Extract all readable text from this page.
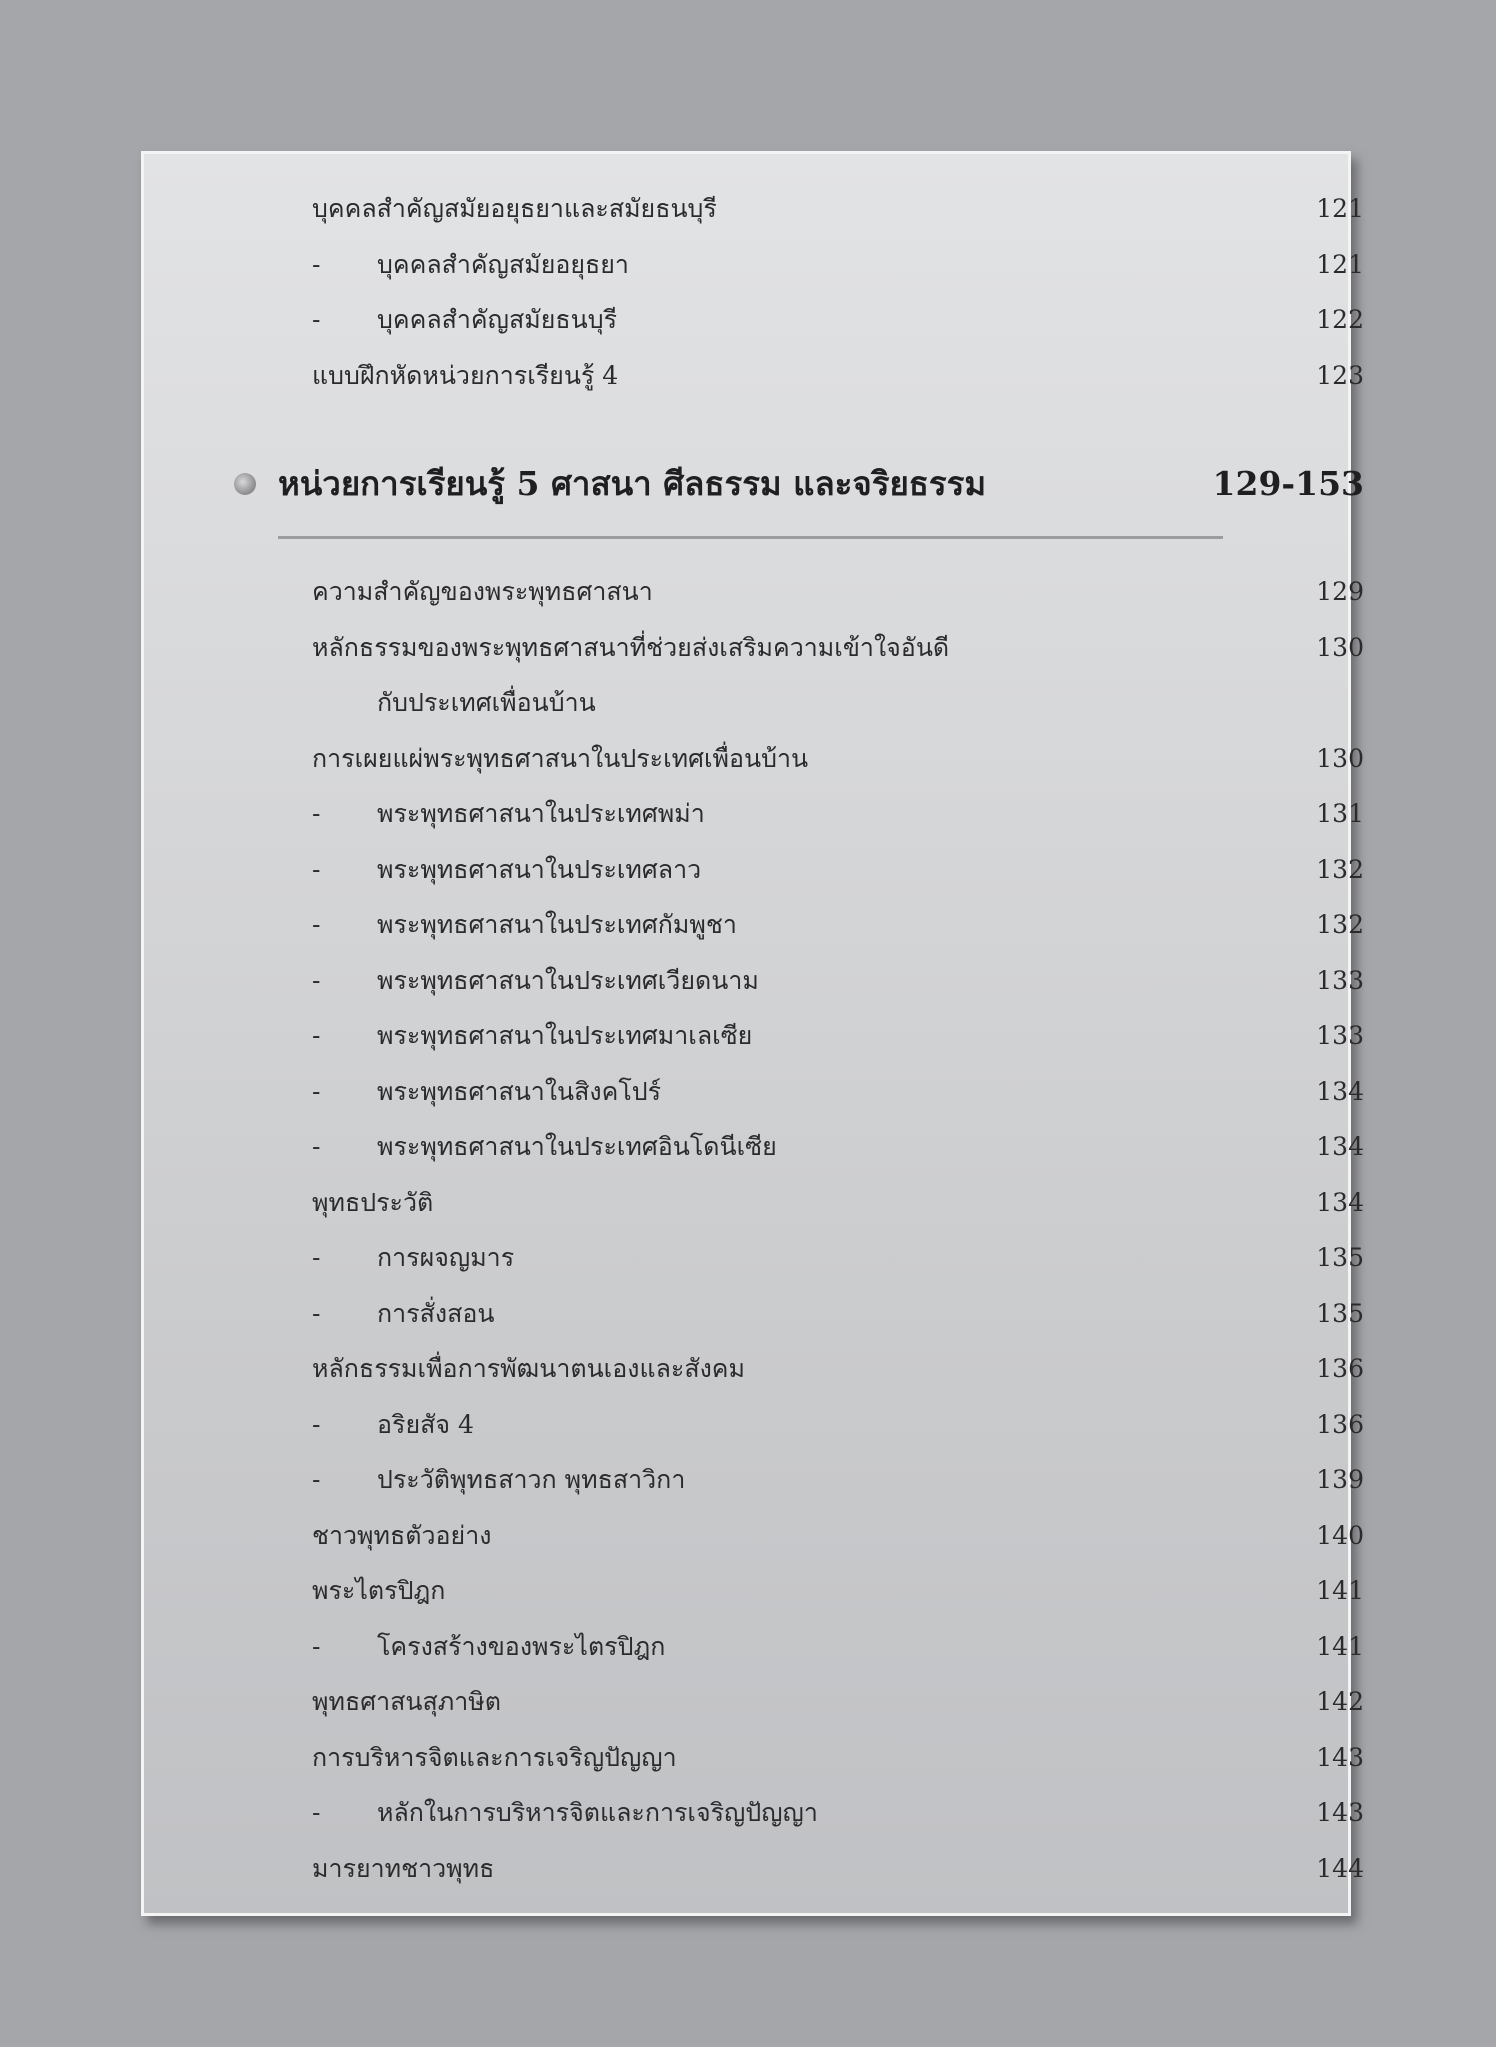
บุคคลสำคัญสมัยอยุธยาและสมัยธนบุรี	121
- บุคคลสำคัญสมัยอยุธยา	121
- บุคคลสำคัญสมัยธนบุรี	122
แบบฝึกหัดหน่วยการเรียนรู้ 4	123
หน่วยการเรียนรู้ 5 ศาสนา ศีลธรรม และจริยธรรม	129-153
ความสำคัญของพระพุทธศาสนา	129
หลักธรรมของพระพุทธศาสนาที่ช่วยส่งเสริมความเข้าใจอันดี	130
กับประเทศเพื่อนบ้าน
การเผยแผ่พระพุทธศาสนาในประเทศเพื่อนบ้าน	130
- พระพุทธศาสนาในประเทศพม่า	131
- พระพุทธศาสนาในประเทศลาว	132
- พระพุทธศาสนาในประเทศกัมพูชา	132
- พระพุทธศาสนาในประเทศเวียดนาม	133
- พระพุทธศาสนาในประเทศมาเลเซีย	133
- พระพุทธศาสนาในสิงคโปร์	134
- พระพุทธศาสนาในประเทศอินโดนีเซีย	134
พุทธประวัติ	134
- การผจญมาร	135
- การสั่งสอน	135
หลักธรรมเพื่อการพัฒนาตนเองและสังคม	136
- อริยสัจ 4	136
- ประวัติพุทธสาวก พุทธสาวิกา	139
ชาวพุทธตัวอย่าง	140
พระไตรปิฎก	141
- โครงสร้างของพระไตรปิฎก	141
พุทธศาสนสุภาษิต	142
การบริหารจิตและการเจริญปัญญา	143
- หลักในการบริหารจิตและการเจริญปัญญา	143
มารยาทชาวพุทธ	144
